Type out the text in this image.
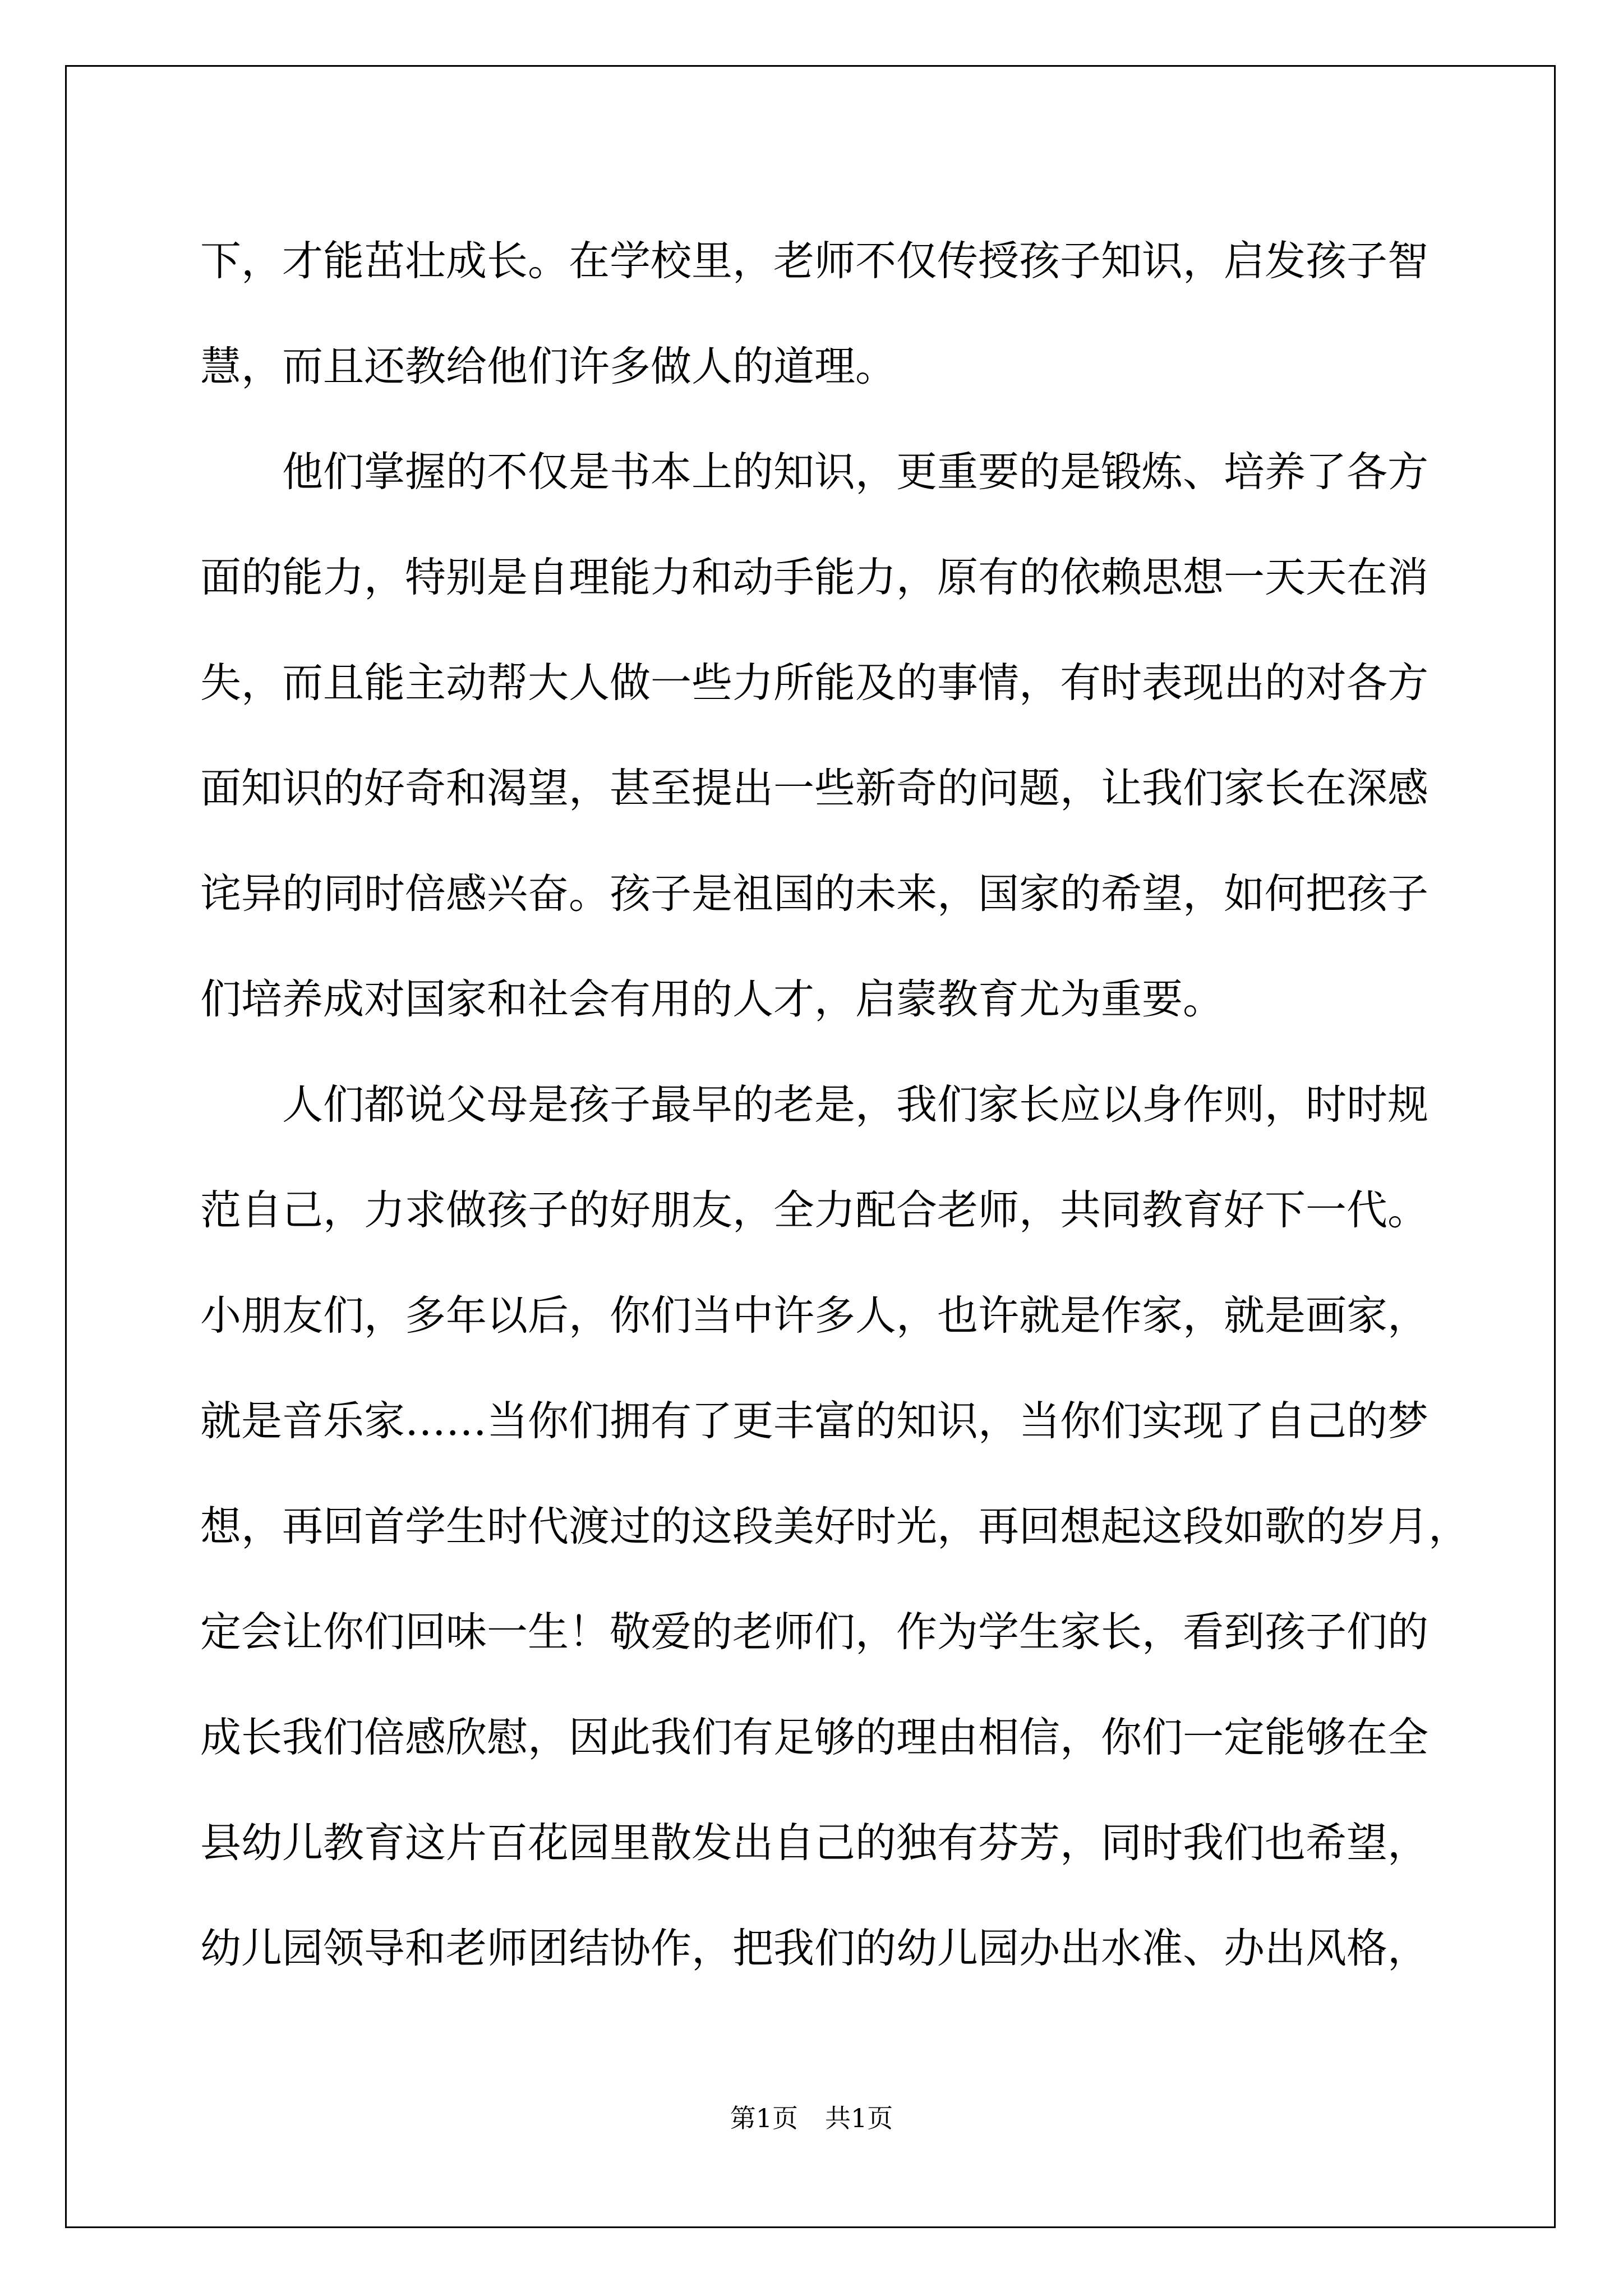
下，才能茁壮成长。在学校里，老师不仅传授孩子知识，启发孩子智
慧，而且还教给他们许多做人的道理。
他们掌握的不仅是书本上的知识，更重要的是锻炼、培养了各方
面的能力，特别是自理能力和动手能力，原有的依赖思想一天天在消
失，而且能主动帮大人做一些力所能及的事情，有时表现出的对各方
面知识的好奇和渴望，甚至提出一些新奇的问题，让我们家长在深感
诧异的同时倍感兴奋。孩子是祖国的未来，国家的希望，如何把孩子
们培养成对国家和社会有用的人才，启蒙教育尤为重要。
人们都说父母是孩子最早的老是，我们家长应以身作则，时时规
范自己，力求做孩子的好朋友，全力配合老师，共同教育好下一代。
小朋友们，多年以后，你们当中许多人，也许就是作家，就是画家，
就是音乐家……当你们拥有了更丰富的知识，当你们实现了自己的梦
想，再回首学生时代渡过的这段美好时光，再回想起这段如歌的岁月，
定会让你们回味一生！敬爱的老师们，作为学生家长，看到孩子们的
成长我们倍感欣慰，因此我们有足够的理由相信，你们一定能够在全
县幼儿教育这片百花园里散发出自己的独有芬芳，同时我们也希望，
幼儿园领导和老师团结协作，把我们的幼儿园办出水准、办出风格，
第1页 共1页
